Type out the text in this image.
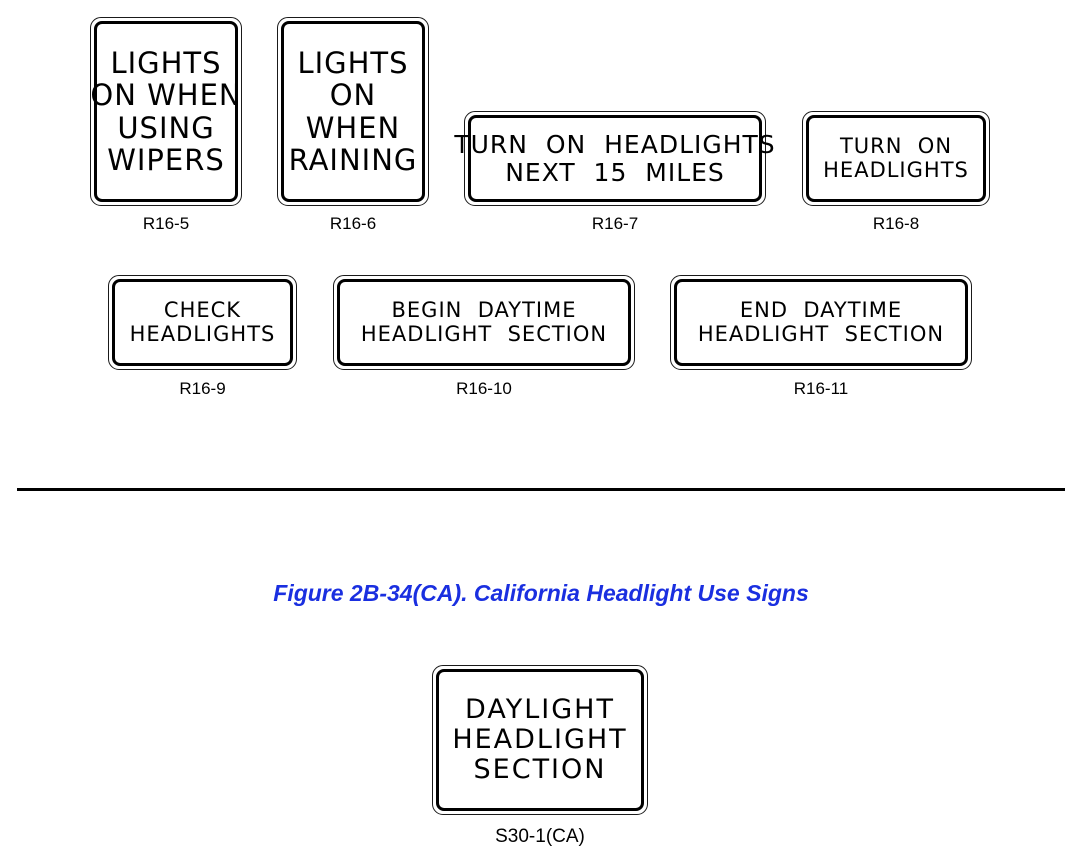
LIGHTS
ON WHEN
USING
WIPERS
R16-5
LIGHTS
ON
WHEN
RAINING
R16-6
TURN  ON  HEADLIGHTS
NEXT  15  MILES
R16-7
TURN  ON
HEADLIGHTS
R16-8
CHECK
HEADLIGHTS
R16-9
BEGIN  DAYTIME
HEADLIGHT  SECTION
R16-10
END  DAYTIME
HEADLIGHT  SECTION
R16-11
Figure 2B-34(CA). California Headlight Use Signs
DAYLIGHT
HEADLIGHT
SECTION
S30-1(CA)
